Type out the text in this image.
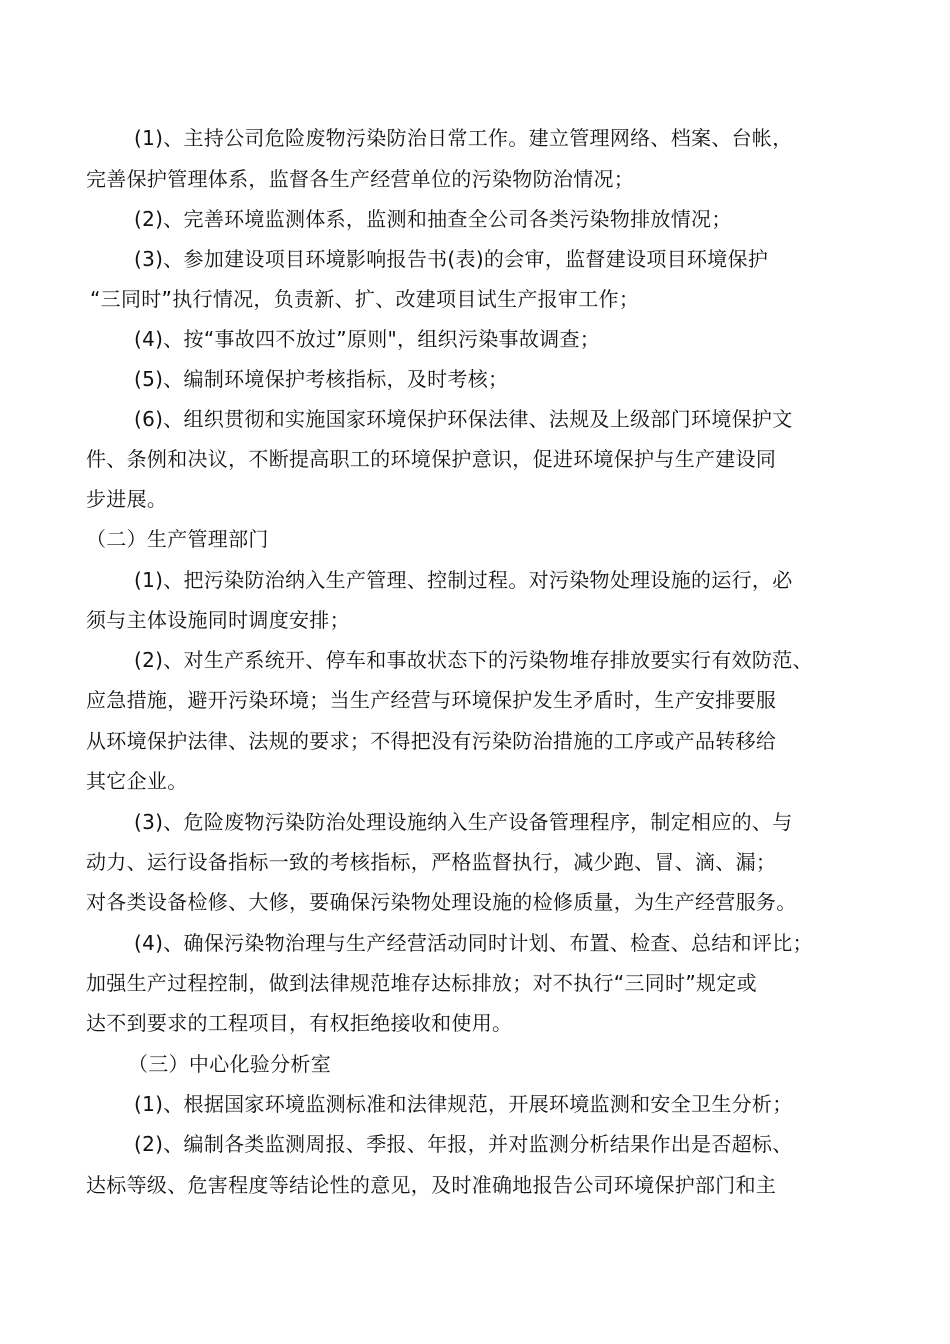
(1)、主持公司危险废物污染防治日常工作。建立管理网络、档案、台帐，
完善保护管理体系，监督各生产经营单位的污染物防治情况；
(2)、完善环境监测体系，监测和抽查全公司各类污染物排放情况；
(3)、参加建设项目环境影响报告书(表)的会审，监督建设项目环境保护
“三同时”执行情况，负责新、扩、改建项目试生产报审工作；
(4)、按“事故四不放过”原则"，组织污染事故调查；
(5)、编制环境保护考核指标，及时考核；
(6)、组织贯彻和实施国家环境保护环保法律、法规及上级部门环境保护文
件、条例和决议，不断提高职工的环境保护意识，促进环境保护与生产建设同
步进展。
（二）生产管理部门
(1)、把污染防治纳入生产管理、控制过程。对污染物处理设施的运行，必
须与主体设施同时调度安排；
(2)、对生产系统开、停车和事故状态下的污染物堆存排放要实行有效防范、
应急措施，避开污染环境；当生产经营与环境保护发生矛盾时，生产安排要服
从环境保护法律、法规的要求；不得把没有污染防治措施的工序或产品转移给
其它企业。
(3)、危险废物污染防治处理设施纳入生产设备管理程序，制定相应的、与
动力、运行设备指标一致的考核指标，严格监督执行，减少跑、冒、滴、漏；
对各类设备检修、大修，要确保污染物处理设施的检修质量，为生产经营服务。
(4)、确保污染物治理与生产经营活动同时计划、布置、检查、总结和评比；
加强生产过程控制，做到法律规范堆存达标排放；对不执行“三同时”规定或
达不到要求的工程项目，有权拒绝接收和使用。
（三）中心化验分析室
(1)、根据国家环境监测标准和法律规范，开展环境监测和安全卫生分析；
(2)、编制各类监测周报、季报、年报，并对监测分析结果作出是否超标、
达标等级、危害程度等结论性的意见，及时准确地报告公司环境保护部门和主
